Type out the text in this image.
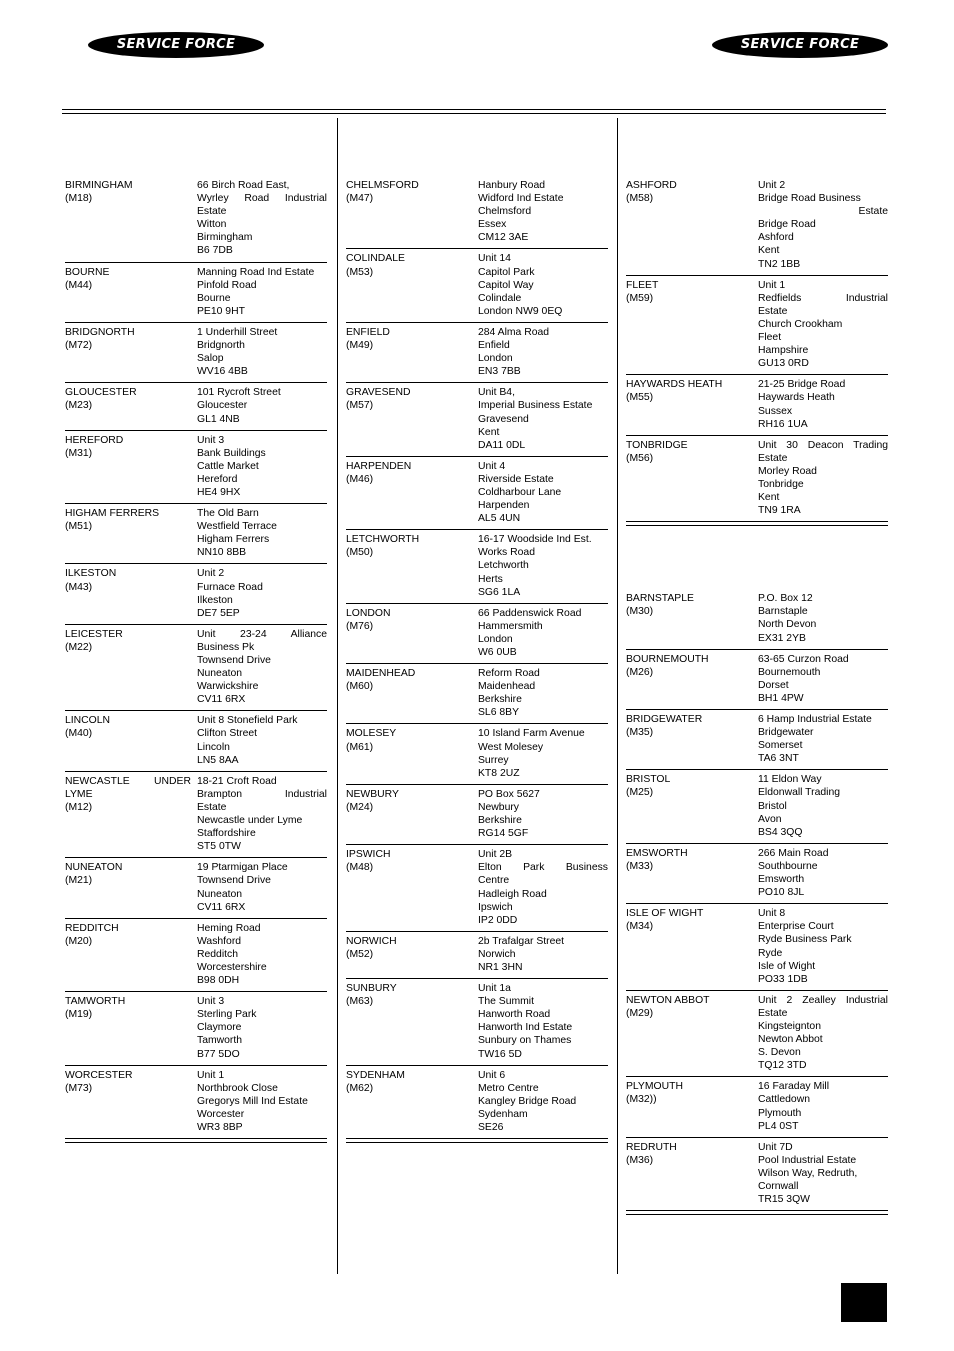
SERVICE FORCE	SERVICE FORCE
BIRMINGHAM
(M18)
66 Birch Road East,
Wyrley Road Industrial
Estate
Witton
Birmingham
B6 7DB
BOURNE
(M44)
Manning Road Ind Estate
Pinfold Road
Bourne
PE10 9HT
BRIDGNORTH
(M72)
1 Underhill Street
Bridgnorth
Salop
WV16 4BB
GLOUCESTER
(M23)
101 Rycroft Street
Gloucester
GL1 4NB
HEREFORD
(M31)
Unit 3
Bank Buildings
Cattle Market
Hereford
HE4 9HX
HIGHAM FERRERS
(M51)
The Old Barn
Westfield Terrace
Higham Ferrers
NN10 8BB
ILKESTON
(M43)
Unit 2
Furnace Road
Ilkeston
DE7 5EP
LEICESTER
(M22)
Unit 23-24 Alliance
Business Pk
Townsend Drive
Nuneaton
Warwickshire
CV11 6RX
LINCOLN
(M40)
Unit 8 Stonefield Park
Clifton Street
Lincoln
LN5 8AA
NEWCASTLE UNDER
LYME
(M12)
18-21 Croft Road
Brampton Industrial
Estate
Newcastle under Lyme
Staffordshire
ST5 0TW
NUNEATON
(M21)
19 Ptarmigan Place
Townsend Drive
Nuneaton
CV11 6RX
REDDITCH
(M20)
Heming Road
Washford
Redditch
Worcestershire
B98 0DH
TAMWORTH
(M19)
Unit 3
Sterling Park
Claymore
Tamworth
B77 5DO
WORCESTER
(M73)
Unit 1
Northbrook Close
Gregorys Mill Ind Estate
Worcester
WR3 8BP
CHELMSFORD
(M47)
Hanbury Road
Widford Ind Estate
Chelmsford
Essex
CM12 3AE
COLINDALE
(M53)
Unit 14
Capitol Park
Capitol Way
Colindale
London NW9 0EQ
ENFIELD
(M49)
284 Alma Road
Enfield
London
EN3 7BB
GRAVESEND
(M57)
Unit B4,
Imperial Business Estate
Gravesend
Kent
DA11 0DL
HARPENDEN
(M46)
Unit 4
Riverside Estate
Coldharbour Lane
Harpenden
AL5 4UN
LETCHWORTH
(M50)
16-17 Woodside Ind Est.
Works Road
Letchworth
Herts
SG6 1LA
LONDON
(M76)
66 Paddenswick Road
Hammersmith
London
W6 0UB
MAIDENHEAD
(M60)
Reform Road
Maidenhead
Berkshire
SL6 8BY
MOLESEY
(M61)
10 Island Farm Avenue
West Molesey
Surrey
KT8 2UZ
NEWBURY
(M24)
PO Box 5627
Newbury
Berkshire
RG14 5GF
IPSWICH
(M48)
Unit 2B
Elton Park Business
Centre
Hadleigh Road
Ipswich
IP2 0DD
NORWICH
(M52)
2b Trafalgar Street
Norwich
NR1 3HN
SUNBURY
(M63)
Unit 1a
The Summit
Hanworth Road
Hanworth Ind Estate
Sunbury on Thames
TW16 5D
SYDENHAM
(M62)
Unit 6
Metro Centre
Kangley Bridge Road
Sydenham
SE26
ASHFORD
(M58)
Unit 2
Bridge Road Business
Estate
Bridge Road
Ashford
Kent
TN2 1BB
FLEET
(M59)
Unit 1
Redfields Industrial
Estate
Church Crookham
Fleet
Hampshire
GU13 0RD
HAYWARDS HEATH
(M55)
21-25 Bridge Road
Haywards Heath
Sussex
RH16 1UA
TONBRIDGE
(M56)
Unit 30 Deacon Trading
Estate
Morley Road
Tonbridge
Kent
TN9 1RA
BARNSTAPLE
(M30)
P.O. Box 12
Barnstaple
North Devon
EX31 2YB
BOURNEMOUTH
(M26)
63-65 Curzon Road
Bournemouth
Dorset
BH1 4PW
BRIDGEWATER
(M35)
6 Hamp Industrial Estate
Bridgewater
Somerset
TA6 3NT
BRISTOL
(M25)
11 Eldon Way
Eldonwall Trading
Bristol
Avon
BS4 3QQ
EMSWORTH
(M33)
266 Main Road
Southbourne
Emsworth
PO10 8JL
ISLE OF WIGHT
(M34)
Unit 8
Enterprise Court
Ryde Business Park
Ryde
Isle of Wight
PO33 1DB
NEWTON ABBOT
(M29)
Unit 2 Zealley Industrial
Estate
Kingsteignton
Newton Abbot
S. Devon
TQ12 3TD
PLYMOUTH
(M32))
16 Faraday Mill
Cattledown
Plymouth
PL4 0ST
REDRUTH
(M36)
Unit 7D
Pool Industrial Estate
Wilson Way, Redruth,
Cornwall
TR15 3QW
